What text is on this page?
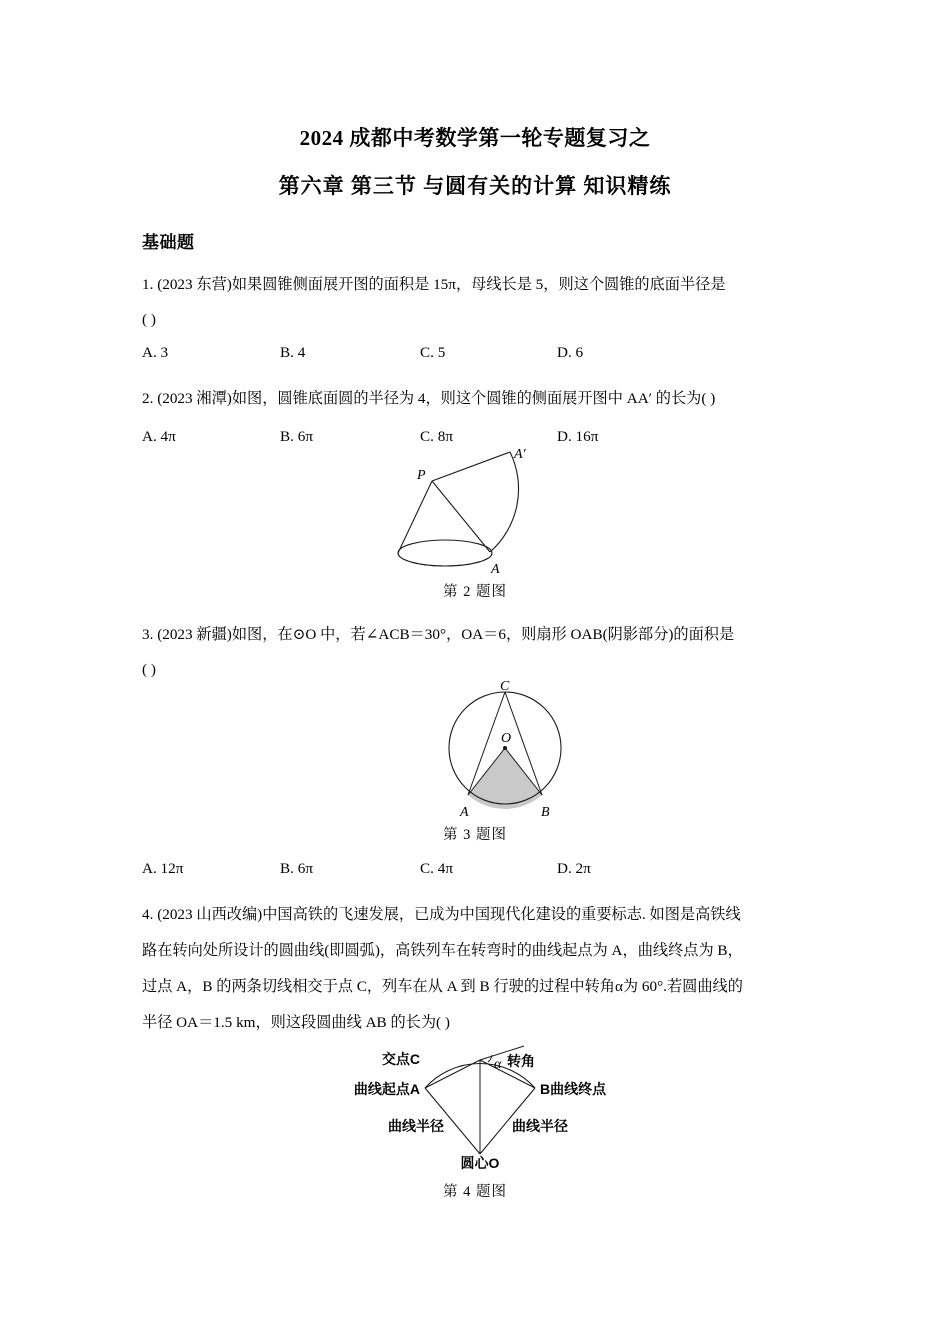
2024 成都中考数学第一轮专题复习之
第六章 第三节 与圆有关的计算 知识精练
基础题
1. (2023 东营)如果圆锥侧面展开图的面积是 15π，母线长是 5，则这个圆锥的底面半径是
( )
A. 3	B. 4	C. 5	D. 6
2. (2023 湘潭)如图，圆锥底面圆的半径为 4，则这个圆锥的侧面展开图中 AA′ 的长为( )
A. 4π	B. 6π	C. 8π	D. 16π
P
A′
A
第 2 题图
3. (2023 新疆)如图，在⊙O 中，若∠ACB＝30°，OA＝6，则扇形 OAB(阴影部分)的面积是
( )
C
O
A	B
第 3 题图
A. 12π	B. 6π	C. 4π	D. 2π
4. (2023 山西改编)中国高铁的飞速发展，已成为中国现代化建设的重要标志. 如图是高铁线
路在转向处所设计的圆曲线(即圆弧)，高铁列车在转弯时的曲线起点为 A，曲线终点为 B，
过点 A，B 的两条切线相交于点 C，列车在从 A 到 B 行驶的过程中转角α为 60°.若圆曲线的
半径 OA＝1.5 km，则这段圆曲线 AB 的长为( )
交点C	α 转角
曲线起点A	B曲线终点
曲线半径	曲线半径
圆心O
第 4 题图
